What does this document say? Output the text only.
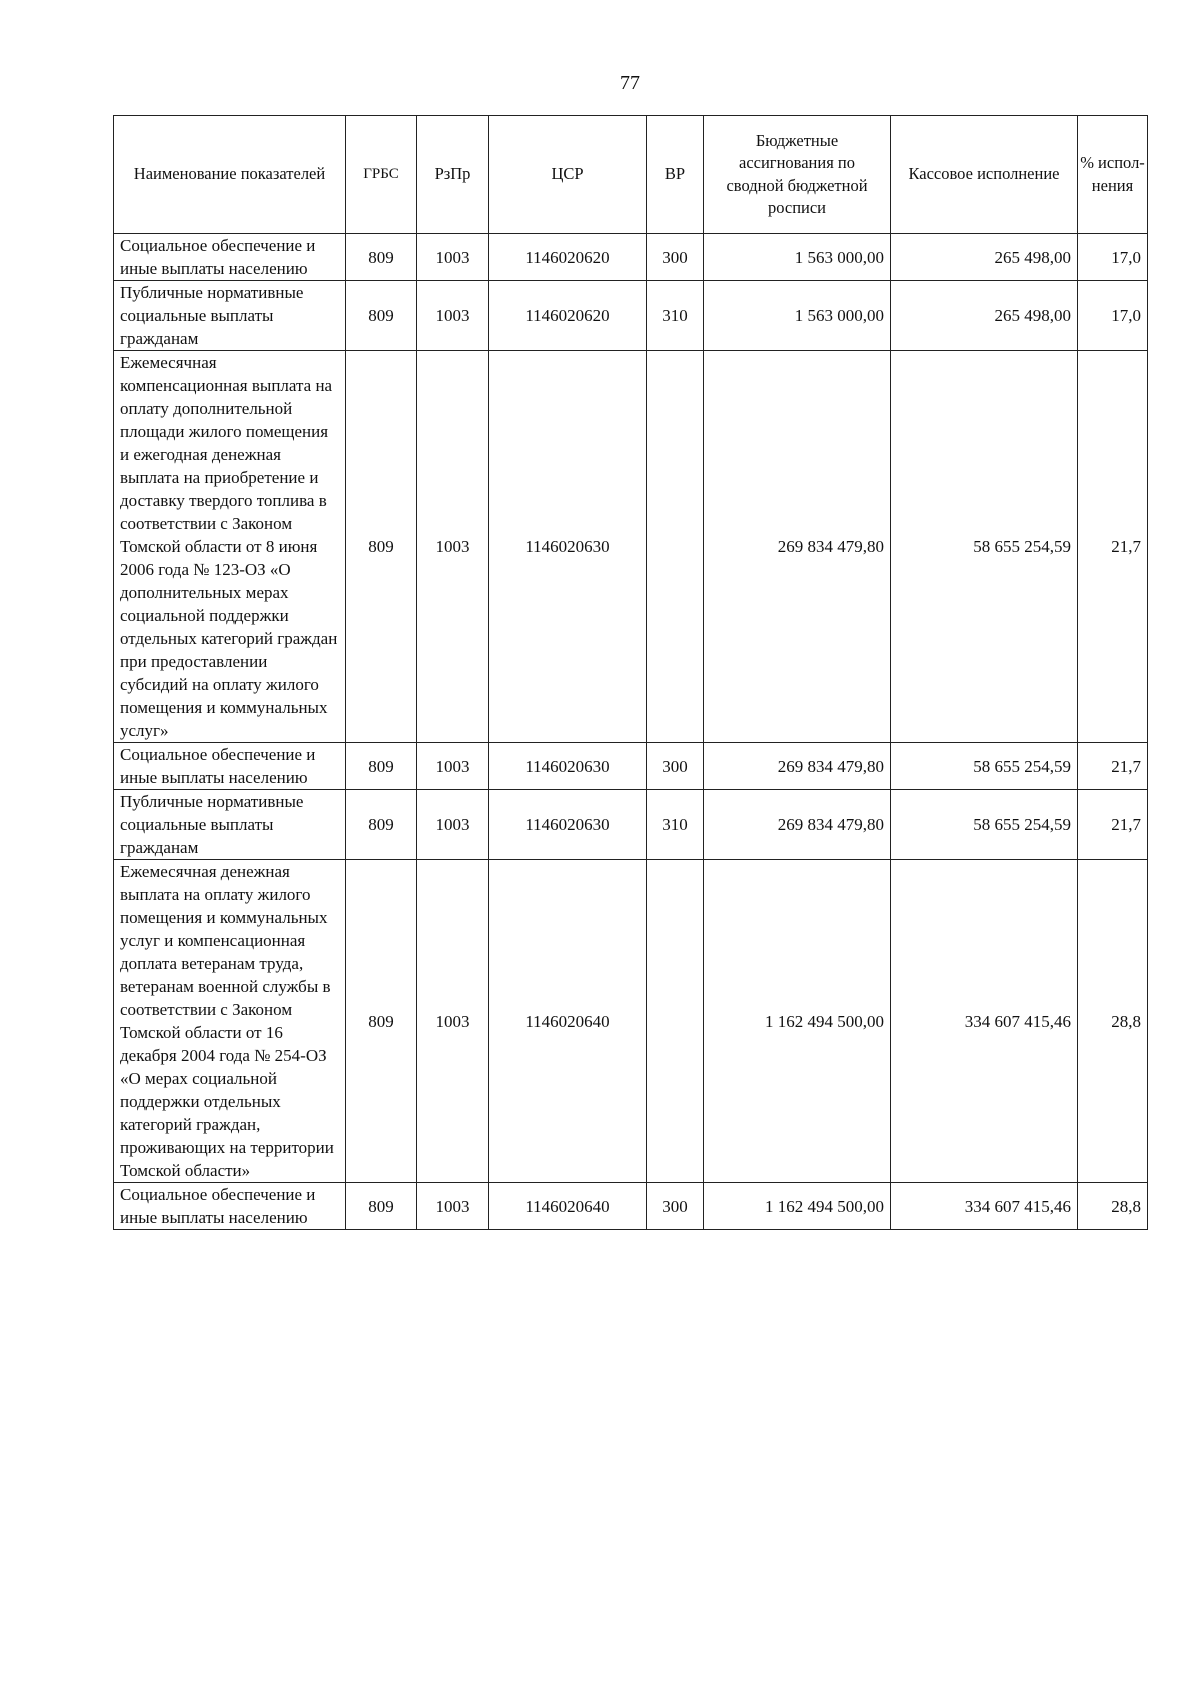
77
Наименование показателей	ГРБС	РзПр	ЦСР	ВР	Бюджетные ассигнования по сводной бюджетной росписи	Кассовое исполнение	% испол-нения
Социальное обеспечение и иные выплаты населению	809	1003	1146020620	300	1 563 000,00	265 498,00	17,0
Публичные нормативные социальные выплаты гражданам	809	1003	1146020620	310	1 563 000,00	265 498,00	17,0
Ежемесячная компенсационная выплата на оплату дополнительной площади жилого помещения и ежегодная денежная выплата на приобретение и доставку твердого топлива в соответствии с Законом Томской области от 8 июня 2006 года № 123-ОЗ «О дополнительных мерах социальной поддержки отдельных категорий граждан при предоставлении субсидий на оплату жилого помещения и коммунальных услуг»	809	1003	1146020630		269 834 479,80	58 655 254,59	21,7
Социальное обеспечение и иные выплаты населению	809	1003	1146020630	300	269 834 479,80	58 655 254,59	21,7
Публичные нормативные социальные выплаты гражданам	809	1003	1146020630	310	269 834 479,80	58 655 254,59	21,7
Ежемесячная денежная выплата на оплату жилого помещения и коммунальных услуг и компенсационная доплата ветеранам труда, ветеранам военной службы в соответствии с Законом Томской области от 16 декабря 2004 года № 254-ОЗ «О мерах социальной поддержки отдельных категорий граждан, проживающих на территории Томской области»	809	1003	1146020640		1 162 494 500,00	334 607 415,46	28,8
Социальное обеспечение и иные выплаты населению	809	1003	1146020640	300	1 162 494 500,00	334 607 415,46	28,8
